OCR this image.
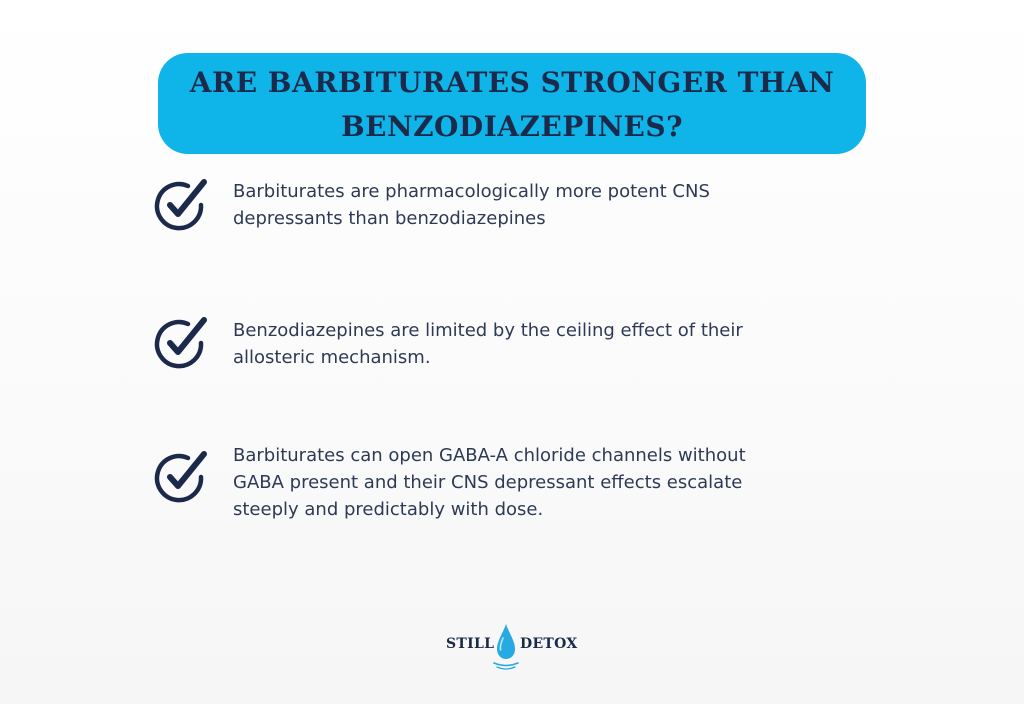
ARE BARBITURATES STRONGER THAN
BENZODIAZEPINES?
Barbiturates are pharmacologically more potent CNS
depressants than benzodiazepines
Benzodiazepines are limited by the ceiling effect of their
allosteric mechanism.
Barbiturates can open GABA-A chloride channels without
GABA present and their CNS depressant effects escalate
steeply and predictably with dose.
STILL DETOX
